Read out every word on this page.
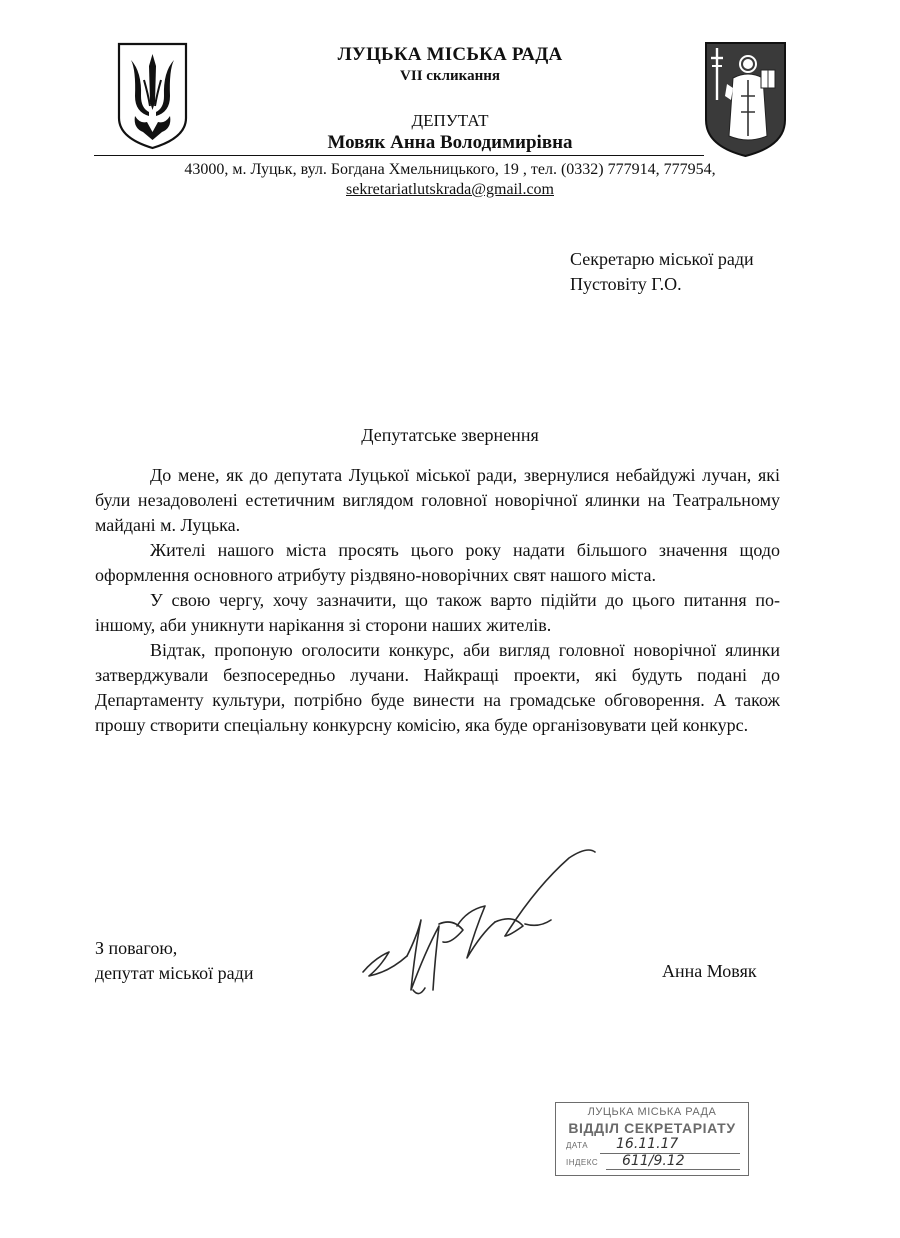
ЛУЦЬКА МІСЬКА РАДА
VII скликання
ДЕПУТАТ
Мовяк Анна Володимирівна
43000, м. Луцьк, вул. Богдана Хмельницького, 19 , тел. (0332) 777914, 777954,
sekretariatlutskrada@gmail.com
Секретарю міської ради
Пустовіту Г.О.
Депутатське звернення

До мене, як до депутата Луцької міської ради, звернулися небайдужі лучан, які були незадоволені естетичним виглядом головної новорічної ялинки на Театральному майдані м. Луцька.

Жителі нашого міста просять цього року надати більшого значення щодо оформлення основного атрибуту різдвяно-новорічних свят нашого міста.

У свою чергу, хочу зазначити, що також варто підійти до цього питання по-іншому, аби уникнути нарікання зі сторони наших жителів.

Відтак, пропоную оголосити конкурс, аби вигляд головної новорічної ялинки затверджували безпосередньо лучани. Найкращі проекти, які будуть подані до Департаменту культури, потрібно буде винести на громадське обговорення. А також прошу створити спеціальну конкурсну комісію, яка буде організовувати цей конкурс.

З повагою,
депутат міської ради	Анна Мовяк
ЛУЦЬКА МІСЬКА РАДА
ВІДДІЛ СЕКРЕТАРІАТУ
ДАТА 16.11.17
ІНДЕКС 611/9.12
